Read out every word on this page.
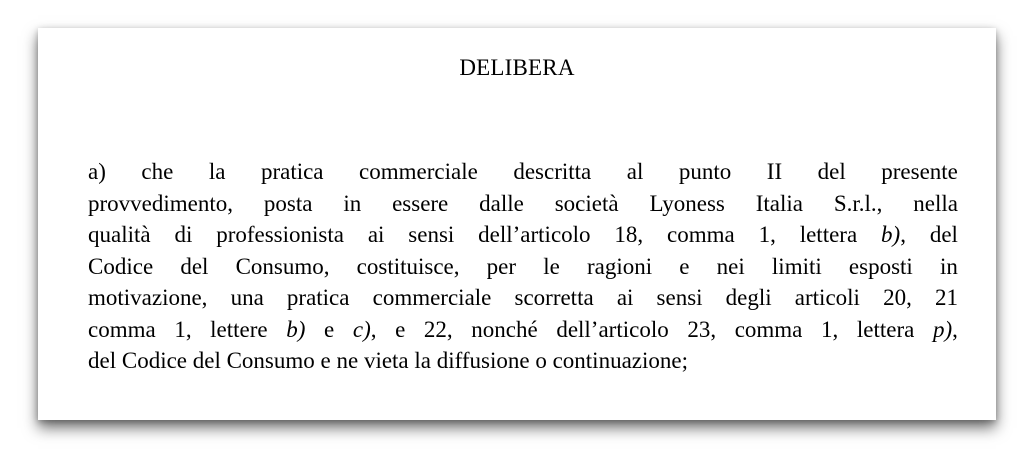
DELIBERA
a) che la pratica commerciale descritta al punto II del presente
provvedimento, posta in essere dalle società Lyoness Italia S.r.l., nella
qualità di professionista ai sensi dell’articolo 18, comma 1, lettera b), del
Codice del Consumo, costituisce, per le ragioni e nei limiti esposti in
motivazione, una pratica commerciale scorretta ai sensi degli articoli 20, 21
comma 1, lettere b) e c), e 22, nonché dell’articolo 23, comma 1, lettera p),
del Codice del Consumo e ne vieta la diffusione o continuazione;
